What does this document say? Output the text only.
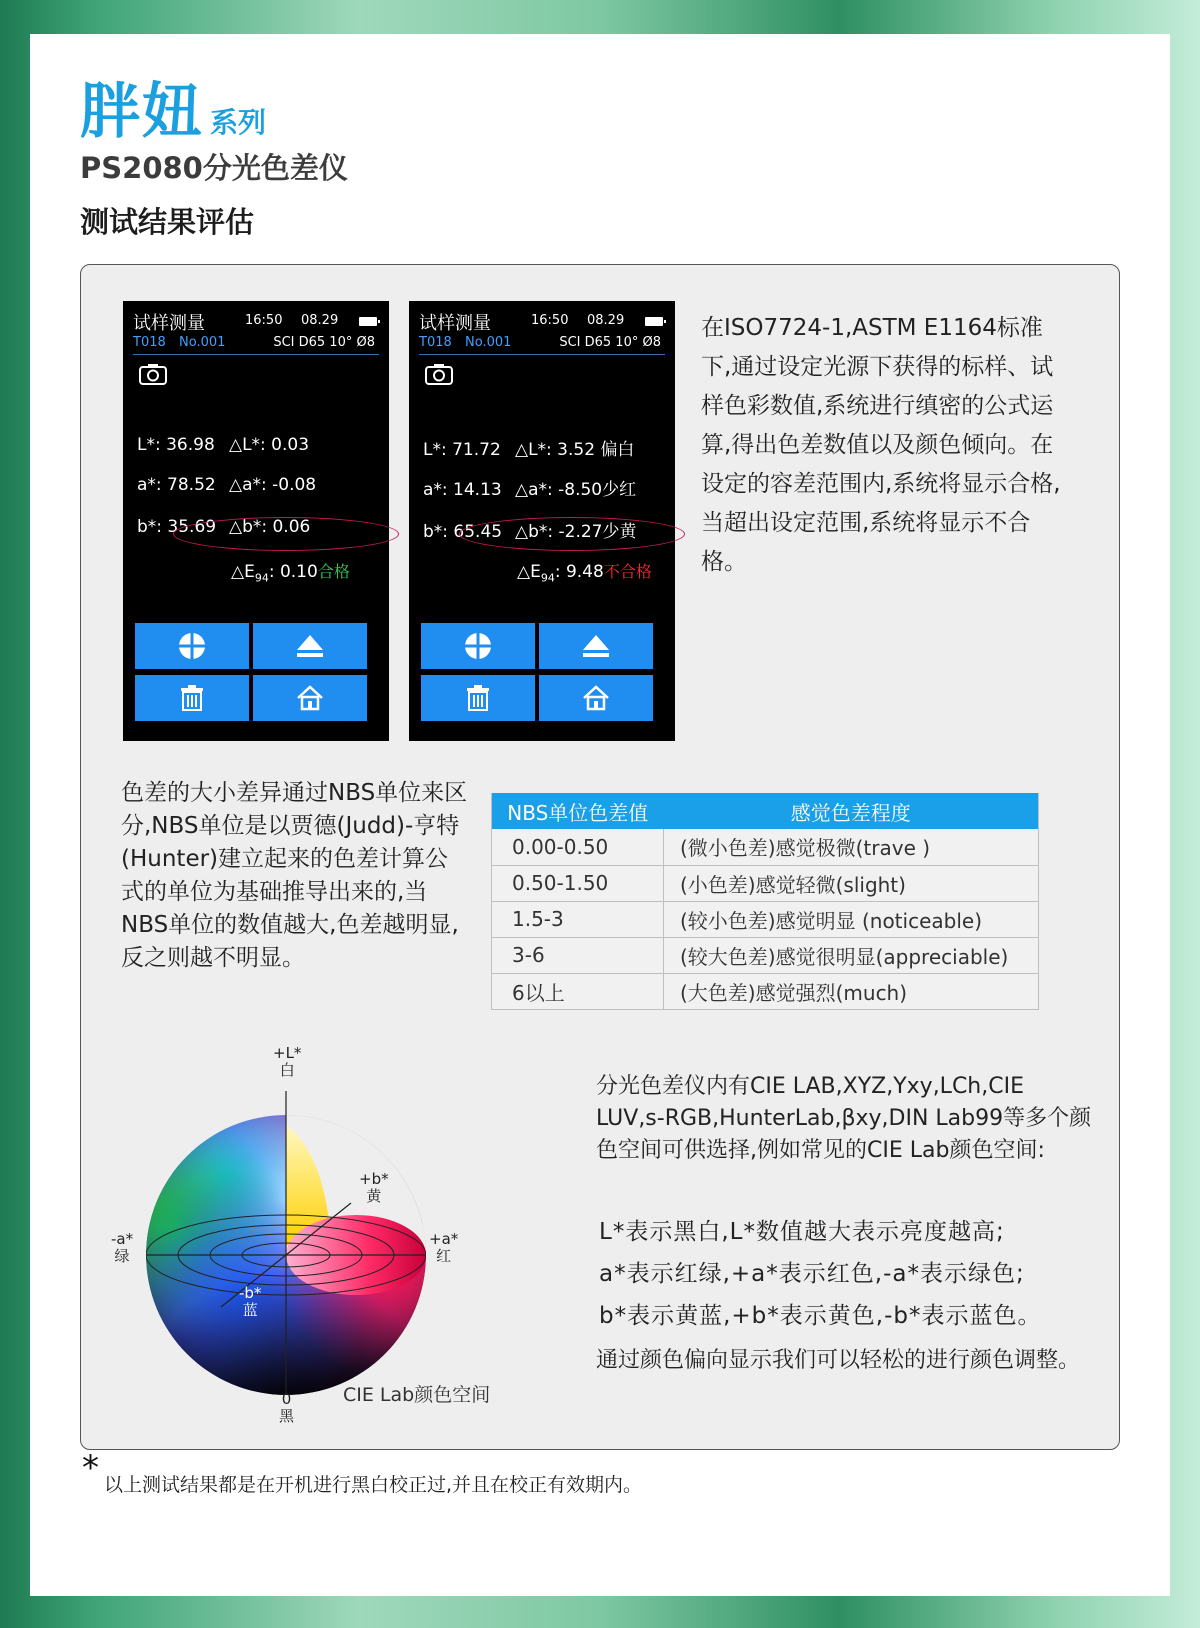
胖妞 系列
PS2080分光色差仪
测试结果评估
试样测量	16:50 08.29
T018 No.001	SCI D65 10° Ø8
L*: 36.98 △L*: 0.03
a*: 78.52 △a*: -0.08
b*: 35.69 △b*: 0.06
$\triangle E_{94}$: 0.10合格
试样测量	16:50 08.29
T018 No.001	SCI D65 10° Ø8
L*: 71.72 △L*: 3.52 偏白
a*: 14.13 △a*: -8.50少红
b*: 65.45 △b*: -2.27少黄
$\triangle E_{94}$: 9.48不合格
在ISO7724-1,ASTM E1164标准下,通过设定光源下获得的标样、试样色彩数值,系统进行缜密的公式运算,得出色差数值以及颜色倾向。在设定的容差范围内,系统将显示合格,当超出设定范围,系统将显示不合格。
色差的大小差异通过NBS单位来区分,NBS单位是以贾德(Judd)-亨特(Hunter)建立起来的色差计算公式的单位为基础推导出来的,当NBS单位的数值越大,色差越明显,反之则越不明显。
NBS单位色差值	感觉色差程度
0.00-0.50	(微小色差)感觉极微(trave )
0.50-1.50	(小色差)感觉轻微(slight)
1.5-3	(较小色差)感觉明显 (noticeable)
3-6	(较大色差)感觉很明显(appreciable)
6以上	(大色差)感觉强烈(much)
+L*
白
+b*
黄
-a*
绿
+a*
红
-b*
蓝
0
黑
CIE Lab颜色空间
分光色差仪内有CIE LAB,XYZ,Yxy,LCh,CIE LUV,s-RGB,HunterLab,βxy,DIN Lab99等多个颜色空间可供选择,例如常见的CIE Lab颜色空间:
L*表示黑白,L*数值越大表示亮度越高;
a*表示红绿,+a*表示红色,-a*表示绿色;
b*表示黄蓝,+b*表示黄色,-b*表示蓝色。
通过颜色偏向显示我们可以轻松的进行颜色调整。
* 以上测试结果都是在开机进行黑白校正过,并且在校正有效期内。
